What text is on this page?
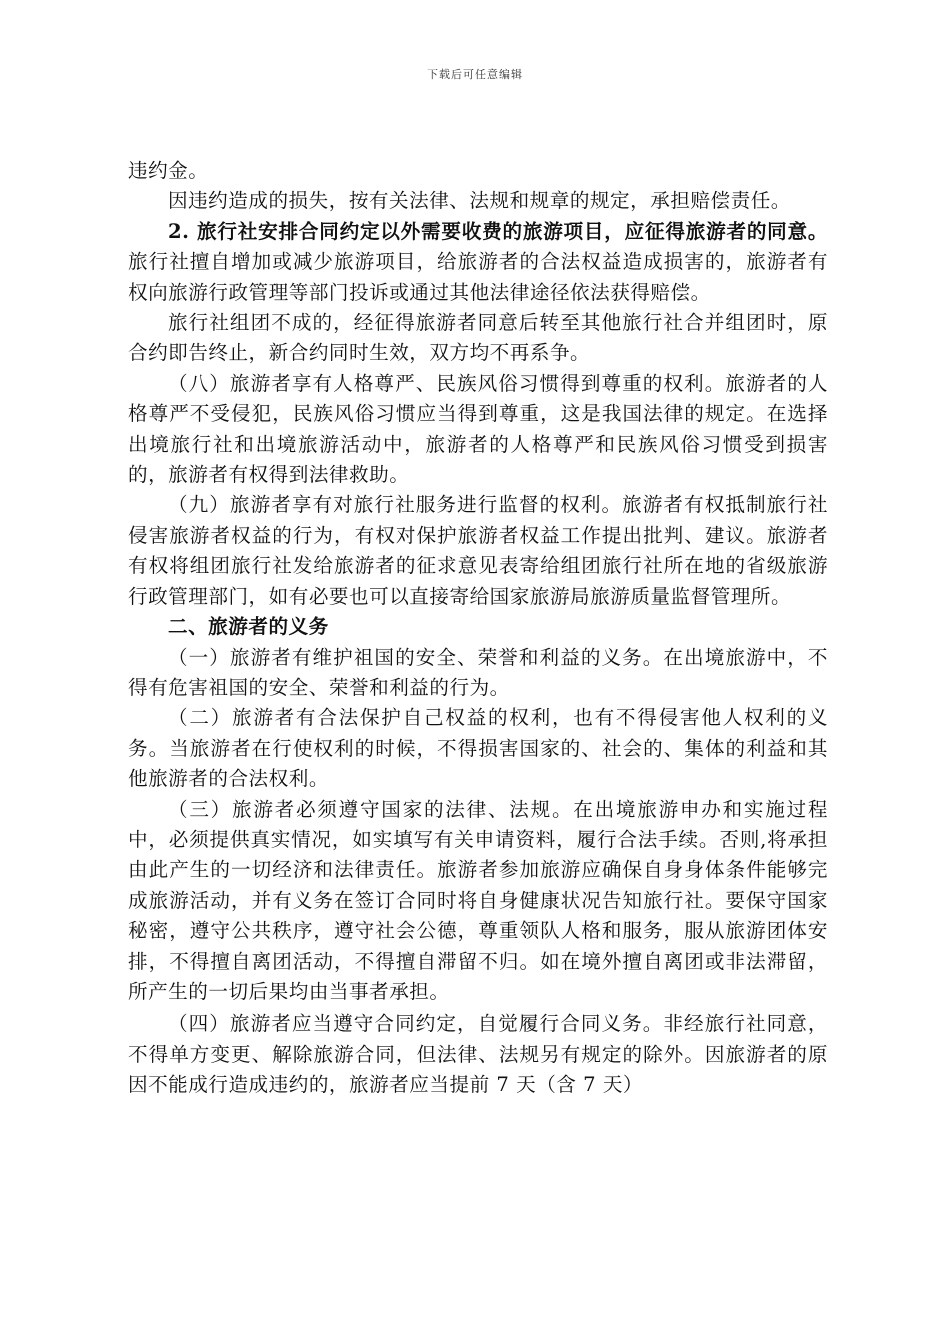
下载后可任意编辑

违约金。

因违约造成的损失，按有关法律、法规和规章的规定，承担赔偿责任。

2. 旅行社安排合同约定以外需要收费的旅游项目，应征得旅游者的同意。旅行社擅自增加或减少旅游项目，给旅游者的合法权益造成损害的，旅游者有权向旅游行政管理等部门投诉或通过其他法律途径依法获得赔偿。

旅行社组团不成的，经征得旅游者同意后转至其他旅行社合并组团时，原合约即告终止，新合约同时生效，双方均不再系争。

（八）旅游者享有人格尊严、民族风俗习惯得到尊重的权利。旅游者的人格尊严不受侵犯，民族风俗习惯应当得到尊重，这是我国法律的规定。在选择出境旅行社和出境旅游活动中，旅游者的人格尊严和民族风俗习惯受到损害的，旅游者有权得到法律救助。

（九）旅游者享有对旅行社服务进行监督的权利。旅游者有权抵制旅行社侵害旅游者权益的行为，有权对保护旅游者权益工作提出批判、建议。旅游者有权将组团旅行社发给旅游者的征求意见表寄给组团旅行社所在地的省级旅游行政管理部门，如有必要也可以直接寄给国家旅游局旅游质量监督管理所。

二、旅游者的义务

（一）旅游者有维护祖国的安全、荣誉和利益的义务。在出境旅游中，不得有危害祖国的安全、荣誉和利益的行为。

（二）旅游者有合法保护自己权益的权利，也有不得侵害他人权利的义务。当旅游者在行使权利的时候，不得损害国家的、社会的、集体的利益和其他旅游者的合法权利。

（三）旅游者必须遵守国家的法律、法规。在出境旅游申办和实施过程中，必须提供真实情况，如实填写有关申请资料，履行合法手续。否则,将承担由此产生的一切经济和法律责任。旅游者参加旅游应确保自身身体条件能够完成旅游活动，并有义务在签订合同时将自身健康状况告知旅行社。要保守国家秘密，遵守公共秩序，遵守社会公德，尊重领队人格和服务，服从旅游团体安排，不得擅自离团活动，不得擅自滞留不归。如在境外擅自离团或非法滞留，所产生的一切后果均由当事者承担。

（四）旅游者应当遵守合同约定，自觉履行合同义务。非经旅行社同意，不得单方变更、解除旅游合同，但法律、法规另有规定的除外。因旅游者的原因不能成行造成违约的，旅游者应当提前 7 天（含 7 天）
